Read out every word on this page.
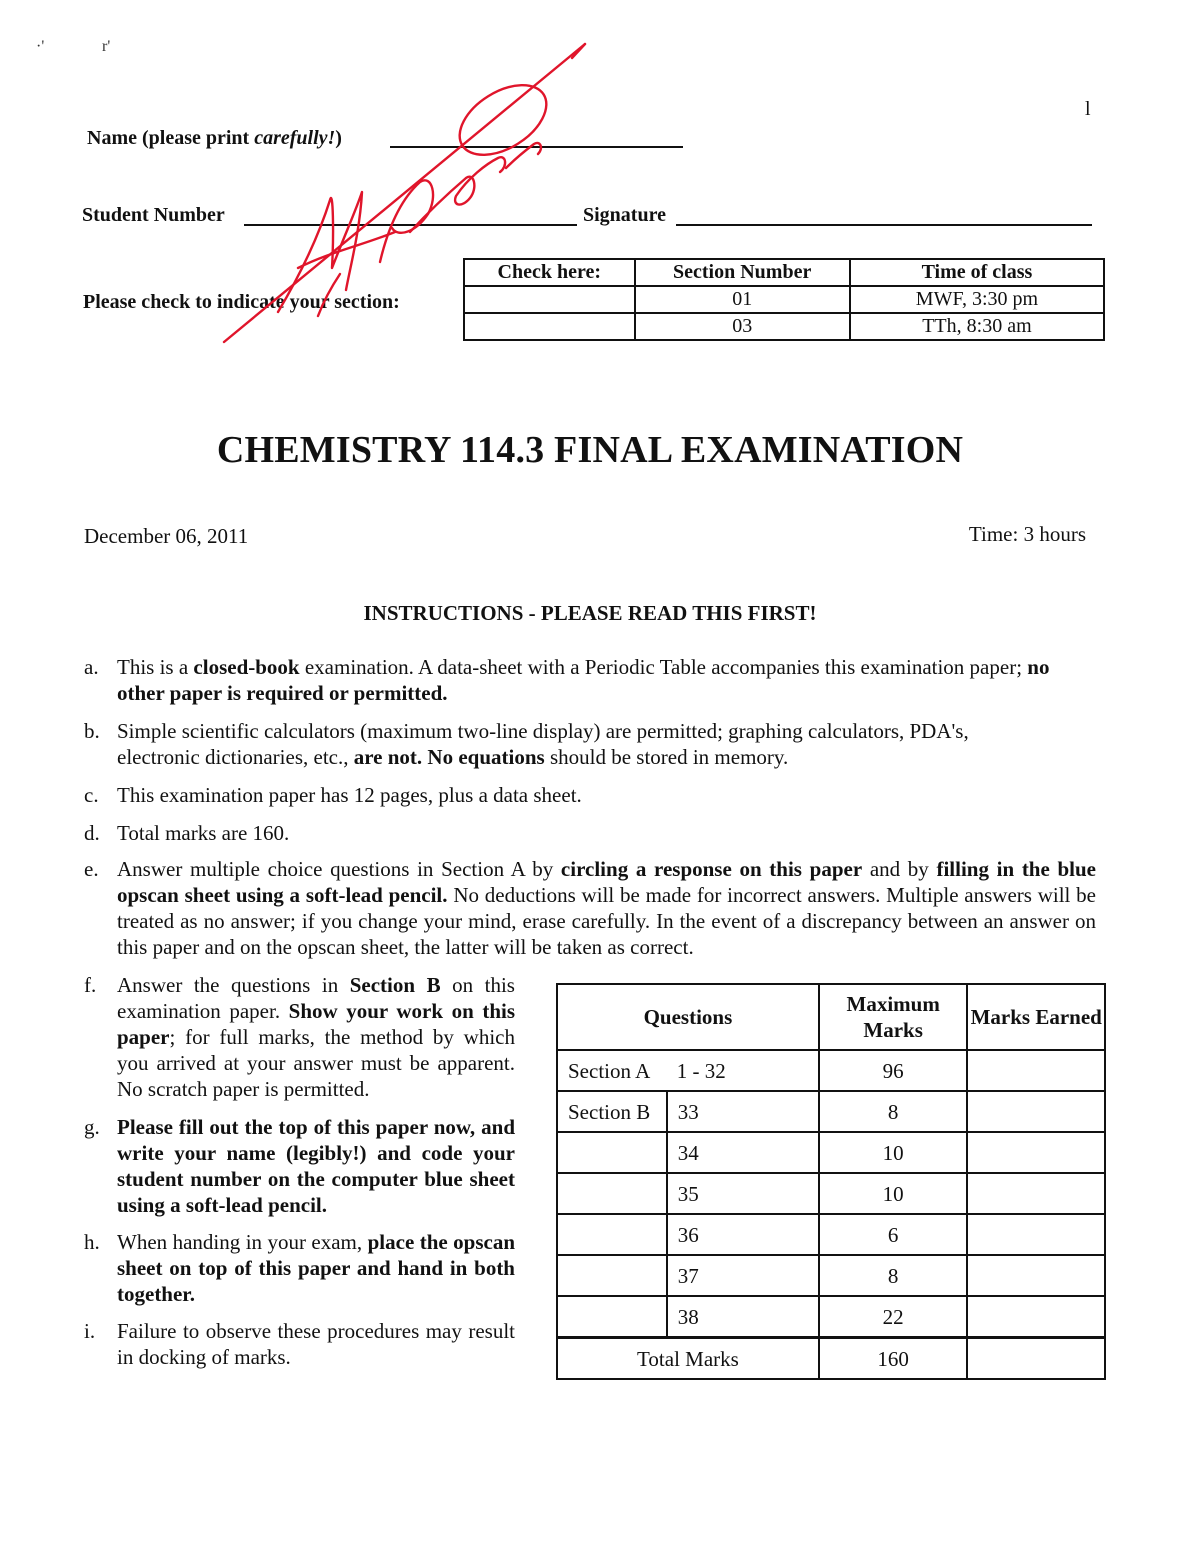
·'	r'
l
Name (please print carefully!)
Student Number	Signature
Please check to indicate your section:
Check here:	Section Number	Time of class
	01	MWF, 3:30 pm
	03	TTh, 8:30 am
CHEMISTRY 114.3 FINAL EXAMINATION
December 06, 2011	Time: 3 hours
INSTRUCTIONS - PLEASE READ THIS FIRST!
a. This is a closed-book examination. A data-sheet with a Periodic Table accompanies this examination paper; no other paper is required or permitted.
b. Simple scientific calculators (maximum two-line display) are permitted; graphing calculators, PDA's, electronic dictionaries, etc., are not. No equations should be stored in memory.
c. This examination paper has 12 pages, plus a data sheet.
d. Total marks are 160.
e. Answer multiple choice questions in Section A by circling a response on this paper and by filling in the blue opscan sheet using a soft-lead pencil. No deductions will be made for incorrect answers. Multiple answers will be treated as no answer; if you change your mind, erase carefully. In the event of a discrepancy between an answer on this paper and on the opscan sheet, the latter will be taken as correct.
f. Answer the questions in Section B on this examination paper. Show your work on this paper; for full marks, the method by which you arrived at your answer must be apparent. No scratch paper is permitted.
g. Please fill out the top of this paper now, and write your name (legibly!) and code your student number on the computer blue sheet using a soft-lead pencil.
h. When handing in your exam, place the opscan sheet on top of this paper and hand in both together.
i. Failure to observe these procedures may result in docking of marks.
Questions		Maximum Marks	Marks Earned
Section A	1 - 32	96	
Section B	33	8	
	34	10	
	35	10	
	36	6	
	37	8	
	38	22	
Total Marks		160	
